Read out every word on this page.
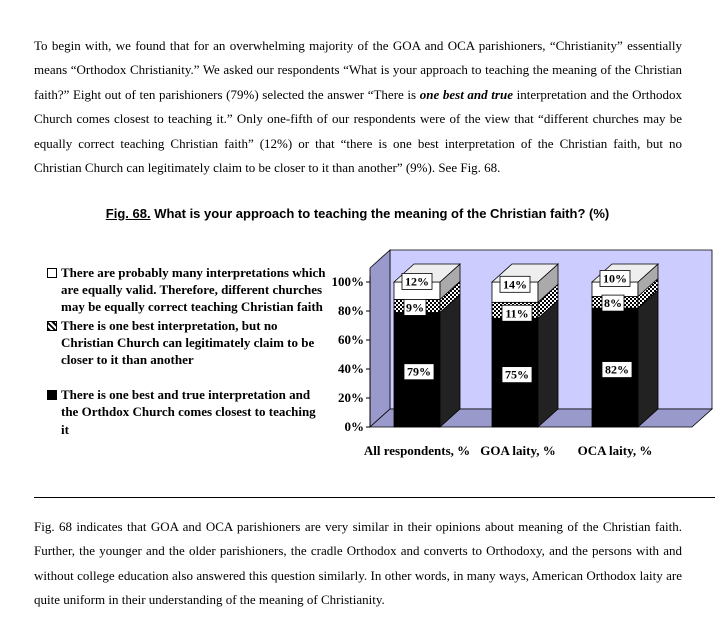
To begin with, we found that for an overwhelming majority of the GOA and OCA parishioners, “Christianity” essentially means “Orthodox Christianity.” We asked our respondents “What is your approach to teaching the meaning of the Christian faith?” Eight out of ten parishioners (79%) selected the answer “There is one best and true interpretation and the Orthodox Church comes closest to teaching it.” Only one-fifth of our respondents were of the view that “different churches may be equally correct teaching Christian faith” (12%) or that “there is one best interpretation of the Christian faith, but no Christian Church can legitimately claim to be closer to it than another” (9%). See Fig. 68.

Fig. 68. What is your approach to teaching the meaning of the Christian faith? (%)
There are probably many interpretations which are equally valid. Therefore, different churches may be equally correct teaching Christian faith
There is one best interpretation, but no Christian Church can legitimately claim to be closer to it than another
There is one best and true interpretation and the Orthdox Church comes closest to teaching it	0%
20%
40%
60%
80%
100%
79%
9%
12%
75%
11%
14%
82%
8%
10%
All respondents, % GOA laity, %	OCA laity, %

Fig. 68 indicates that GOA and OCA parishioners are very similar in their opinions about meaning of the Christian faith. Further, the younger and the older parishioners, the cradle Orthodox and converts to Orthodoxy, and the persons with and without college education also answered this question similarly. In other words, in many ways, American Orthodox laity are quite uniform in their understanding of the meaning of Christianity.
